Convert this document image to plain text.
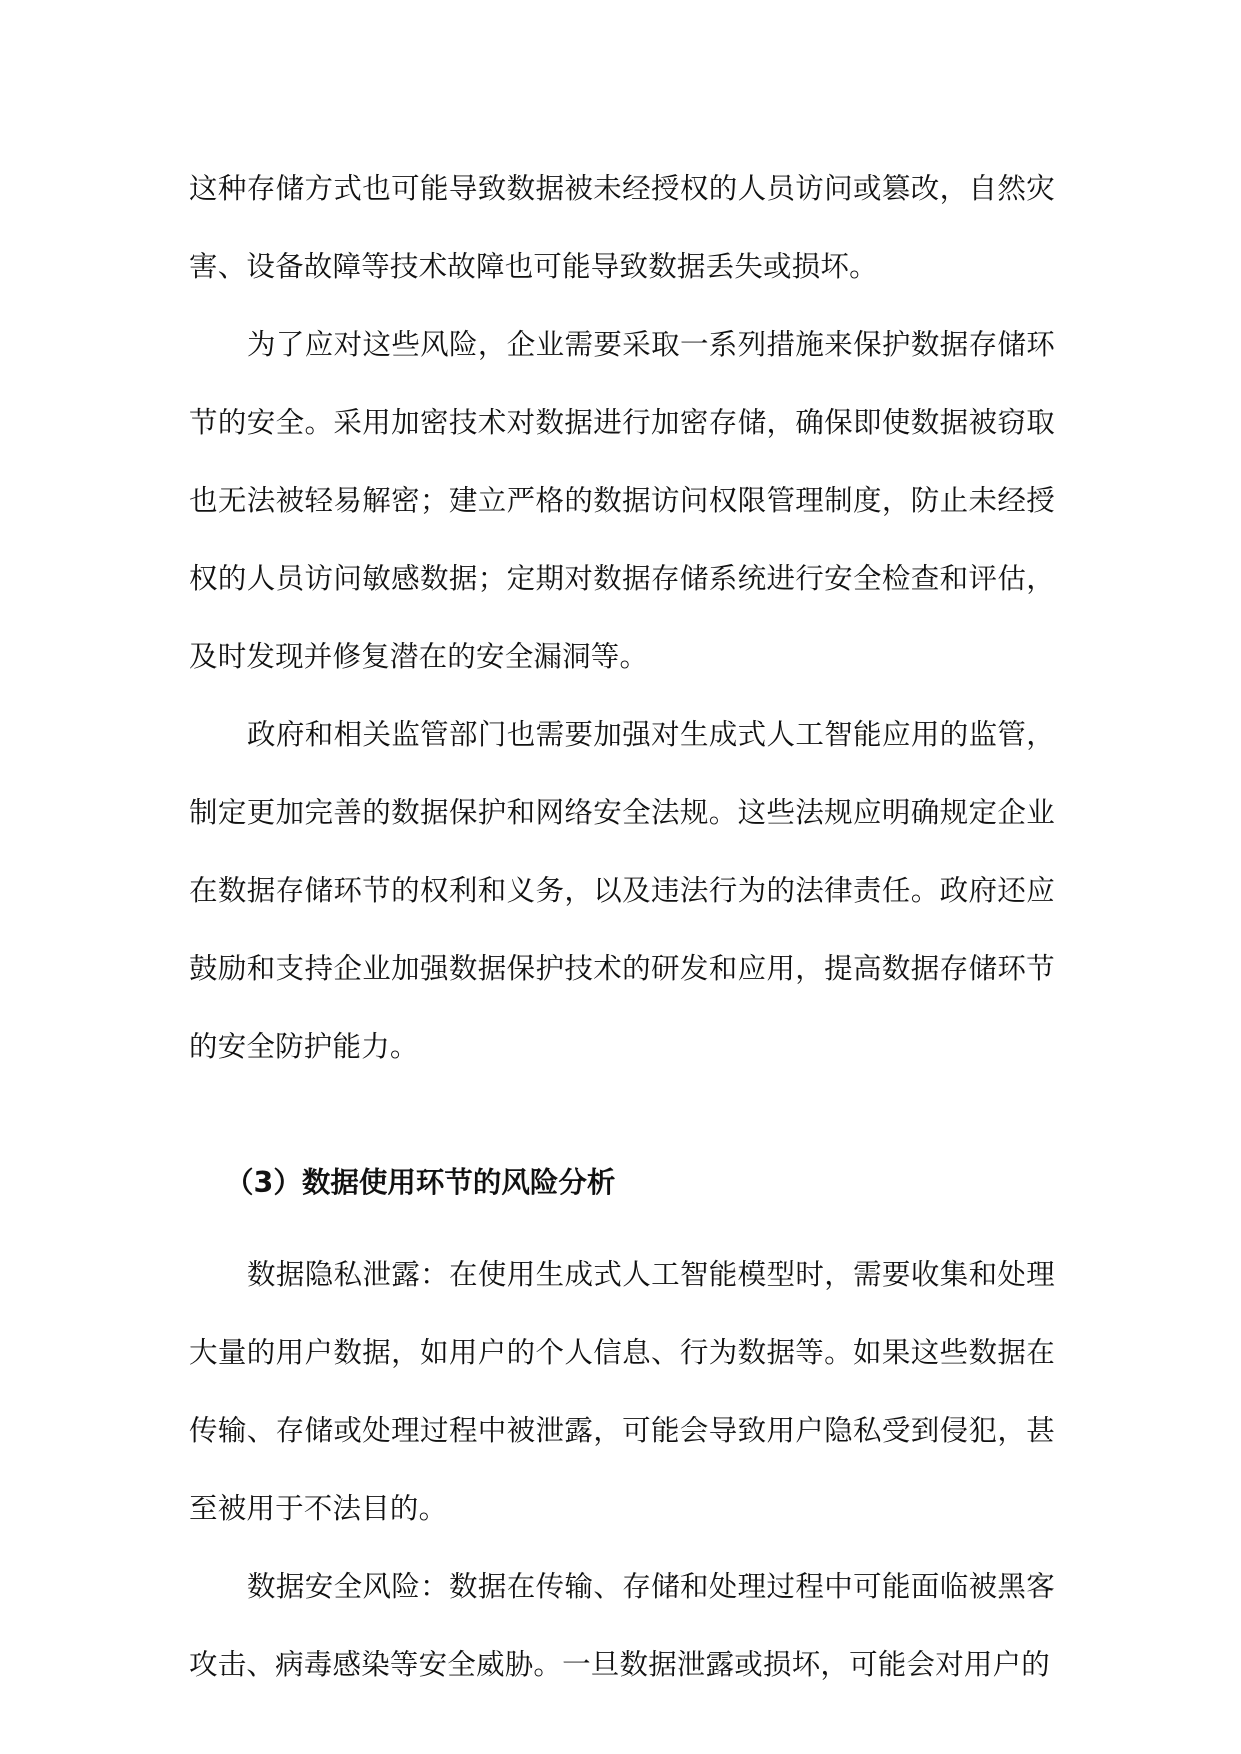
这种存储方式也可能导致数据被未经授权的人员访问或篡改，自然灾害、设备故障等技术故障也可能导致数据丢失或损坏。

为了应对这些风险，企业需要采取一系列措施来保护数据存储环节的安全。采用加密技术对数据进行加密存储，确保即使数据被窃取也无法被轻易解密；建立严格的数据访问权限管理制度，防止未经授权的人员访问敏感数据；定期对数据存储系统进行安全检查和评估，及时发现并修复潜在的安全漏洞等。

政府和相关监管部门也需要加强对生成式人工智能应用的监管，制定更加完善的数据保护和网络安全法规。这些法规应明确规定企业在数据存储环节的权利和义务，以及违法行为的法律责任。政府还应鼓励和支持企业加强数据保护技术的研发和应用，提高数据存储环节的安全防护能力。

（3）数据使用环节的风险分析

数据隐私泄露：在使用生成式人工智能模型时，需要收集和处理大量的用户数据，如用户的个人信息、行为数据等。如果这些数据在传输、存储或处理过程中被泄露，可能会导致用户隐私受到侵犯，甚至被用于不法目的。

数据安全风险：数据在传输、存储和处理过程中可能面临被黑客攻击、病毒感染等安全威胁。一旦数据泄露或损坏，可能会对用户的
